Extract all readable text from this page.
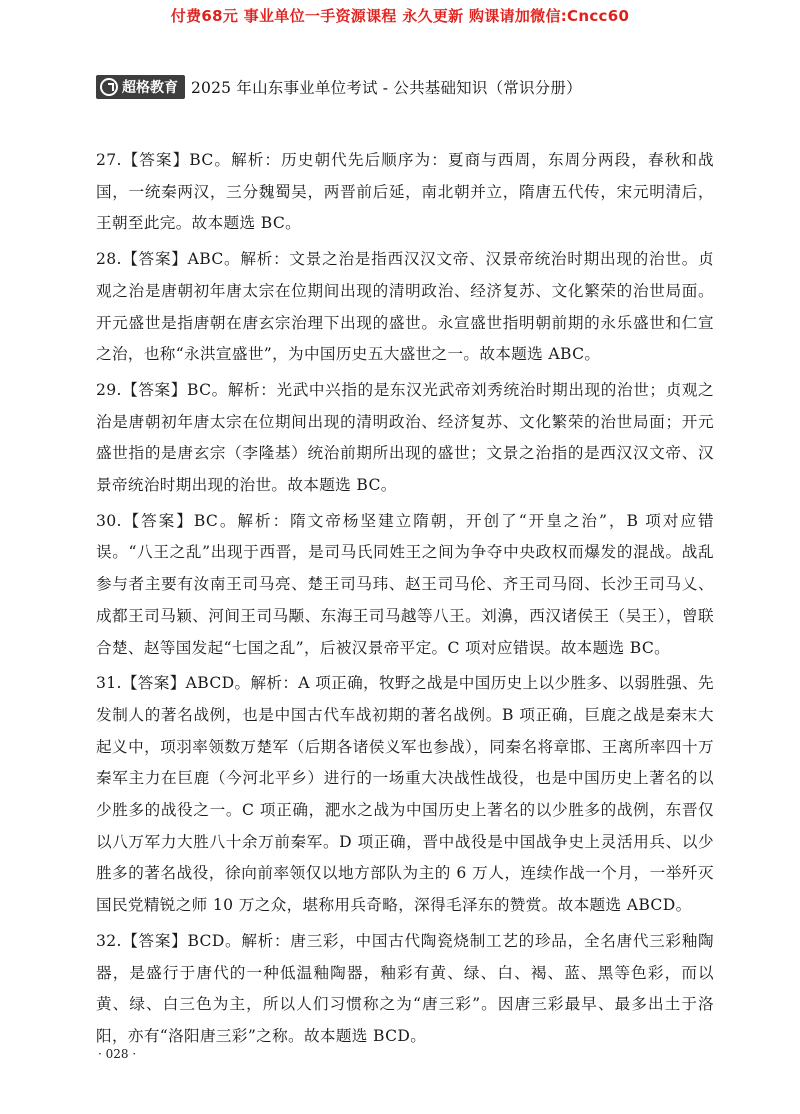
付费68元 事业单位一手资源课程 永久更新 购课请加微信:Cncc60
超格教育 2025 年山东事业单位考试 - 公共基础知识（常识分册）

27.【答案】BC。解析：历史朝代先后顺序为：夏商与西周，东周分两段，春秋和战国，一统秦两汉，三分魏蜀吴，两晋前后延，南北朝并立，隋唐五代传，宋元明清后，王朝至此完。故本题选 BC。

28.【答案】ABC。解析：文景之治是指西汉汉文帝、汉景帝统治时期出现的治世。贞观之治是唐朝初年唐太宗在位期间出现的清明政治、经济复苏、文化繁荣的治世局面。开元盛世是指唐朝在唐玄宗治理下出现的盛世。永宣盛世指明朝前期的永乐盛世和仁宣之治，也称“永洪宣盛世”，为中国历史五大盛世之一。故本题选 ABC。

29.【答案】BC。解析：光武中兴指的是东汉光武帝刘秀统治时期出现的治世；贞观之治是唐朝初年唐太宗在位期间出现的清明政治、经济复苏、文化繁荣的治世局面；开元盛世指的是唐玄宗（李隆基）统治前期所出现的盛世；文景之治指的是西汉汉文帝、汉景帝统治时期出现的治世。故本题选 BC。

30.【答案】BC。解析：隋文帝杨坚建立隋朝，开创了“开皇之治”，B 项对应错误。“八王之乱”出现于西晋，是司马氏同姓王之间为争夺中央政权而爆发的混战。战乱参与者主要有汝南王司马亮、楚王司马玮、赵王司马伦、齐王司马冏、长沙王司马乂、成都王司马颖、河间王司马颙、东海王司马越等八王。刘濞，西汉诸侯王（吴王），曾联合楚、赵等国发起“七国之乱”，后被汉景帝平定。C 项对应错误。故本题选 BC。

31.【答案】ABCD。解析：A 项正确，牧野之战是中国历史上以少胜多、以弱胜强、先发制人的著名战例，也是中国古代车战初期的著名战例。B 项正确，巨鹿之战是秦末大起义中，项羽率领数万楚军（后期各诸侯义军也参战），同秦名将章邯、王离所率四十万秦军主力在巨鹿（今河北平乡）进行的一场重大决战性战役，也是中国历史上著名的以少胜多的战役之一。C 项正确，淝水之战为中国历史上著名的以少胜多的战例，东晋仅以八万军力大胜八十余万前秦军。D 项正确，晋中战役是中国战争史上灵活用兵、以少胜多的著名战役，徐向前率领仅以地方部队为主的 6 万人，连续作战一个月，一举歼灭国民党精锐之师 10 万之众，堪称用兵奇略，深得毛泽东的赞赏。故本题选 ABCD。

32.【答案】BCD。解析：唐三彩，中国古代陶瓷烧制工艺的珍品，全名唐代三彩釉陶器，是盛行于唐代的一种低温釉陶器，釉彩有黄、绿、白、褐、蓝、黑等色彩，而以黄、绿、白三色为主，所以人们习惯称之为“唐三彩”。因唐三彩最早、最多出土于洛阳，亦有“洛阳唐三彩”之称。故本题选 BCD。

· 028 ·
